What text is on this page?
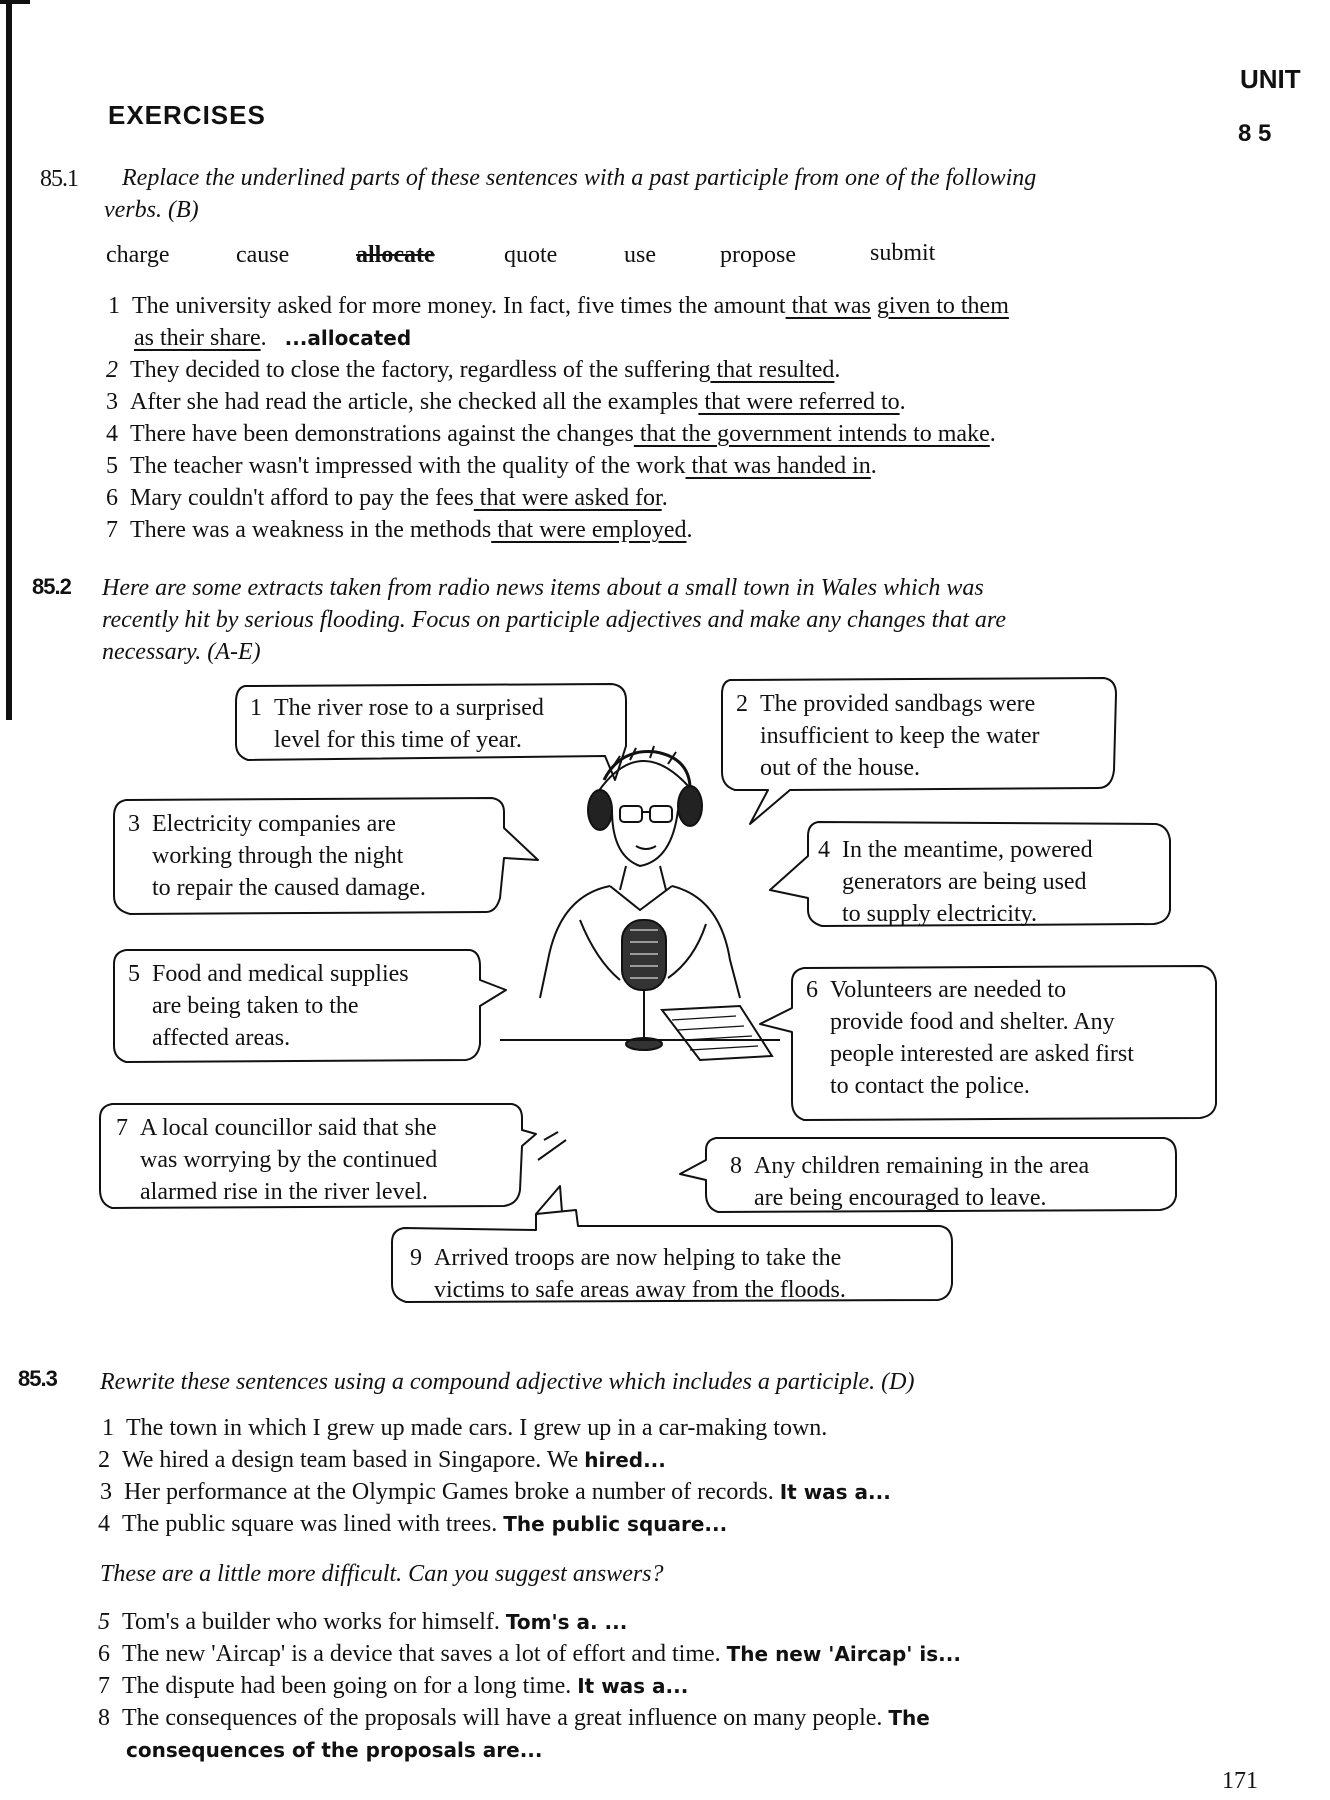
UNIT
8 5
EXERCISES
85.1 Replace the underlined parts of these sentences with a past participle from one of the following
verbs. (B)
charge	cause	allocate	quote	use	propose	submit
1 The university asked for more money. In fact, five times the amount that was given to them
as their share. ...allocated
2 They decided to close the factory, regardless of the suffering that resulted.
3 After she had read the article, she checked all the examples that were referred to.
4 There have been demonstrations against the changes that the government intends to make.
5 The teacher wasn't impressed with the quality of the work that was handed in.
6 Mary couldn't afford to pay the fees that were asked for.
7 There was a weakness in the methods that were employed.
85.2 Here are some extracts taken from radio news items about a small town in Wales which was
recently hit by serious flooding. Focus on participle adjectives and make any changes that are
necessary. (A-E)
1 The river rose to a surprised
level for this time of year.
2 The provided sandbags were
insufficient to keep the water
out of the house.
3 Electricity companies are
working through the night
to repair the caused damage.
4 In the meantime, powered
generators are being used
to supply electricity.
5 Food and medical supplies
are being taken to the
affected areas.
6 Volunteers are needed to
provide food and shelter. Any
people interested are asked first
to contact the police.
7 A local councillor said that she
was worrying by the continued
alarmed rise in the river level.
8 Any children remaining in the area
are being encouraged to leave.
9 Arrived troops are now helping to take the
victims to safe areas away from the floods.
85.3 Rewrite these sentences using a compound adjective which includes a participle. (D)
1 The town in which I grew up made cars. I grew up in a car-making town.
2 We hired a design team based in Singapore. We hired...
3 Her performance at the Olympic Games broke a number of records. It was a...
4 The public square was lined with trees. The public square...
These are a little more difficult. Can you suggest answers?
5 Tom's a builder who works for himself. Tom's a. ...
6 The new 'Aircap' is a device that saves a lot of effort and time. The new 'Aircap' is...
7 The dispute had been going on for a long time. It was a...
8 The consequences of the proposals will have a great influence on many people. The
consequences of the proposals are...
171
